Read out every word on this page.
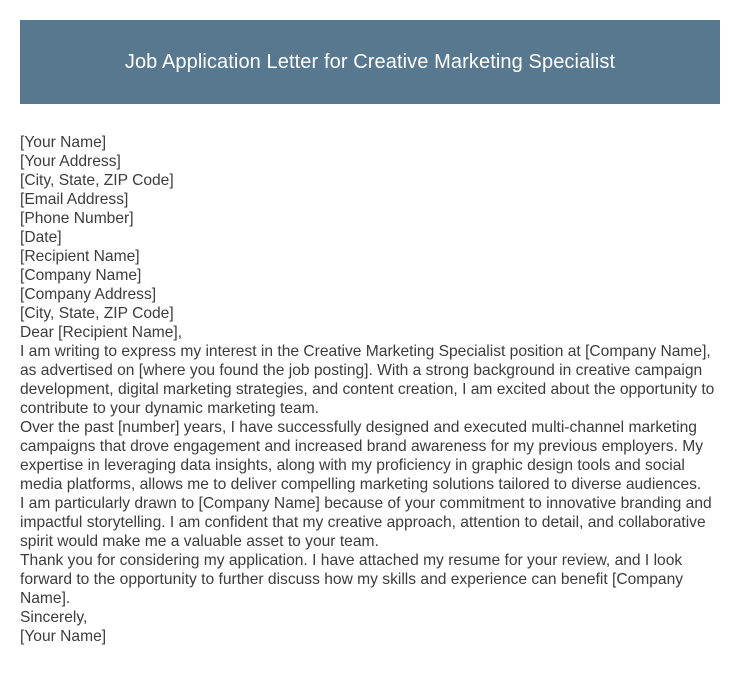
Job Application Letter for Creative Marketing Specialist

[Your Name]

[Your Address]

[City, State, ZIP Code]

[Email Address]

[Phone Number]

[Date]

[Recipient Name]

[Company Name]

[Company Address]

[City, State, ZIP Code]

Dear [Recipient Name],

I am writing to express my interest in the Creative Marketing Specialist position at [Company Name], as advertised on [where you found the job posting]. With a strong background in creative campaign development, digital marketing strategies, and content creation, I am excited about the opportunity to contribute to your dynamic marketing team.

Over the past [number] years, I have successfully designed and executed multi-channel marketing campaigns that drove engagement and increased brand awareness for my previous employers. My expertise in leveraging data insights, along with my proficiency in graphic design tools and social media platforms, allows me to deliver compelling marketing solutions tailored to diverse audiences.

I am particularly drawn to [Company Name] because of your commitment to innovative branding and impactful storytelling. I am confident that my creative approach, attention to detail, and collaborative spirit would make me a valuable asset to your team.

Thank you for considering my application. I have attached my resume for your review, and I look forward to the opportunity to further discuss how my skills and experience can benefit [Company Name].

Sincerely,

[Your Name]
